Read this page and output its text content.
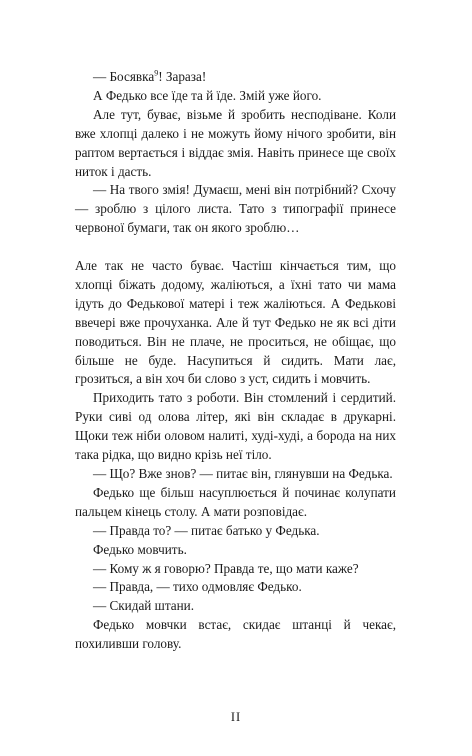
— Босявка$^9$! Зараза!

А Федько все їде та й їде. Змій уже його.

Але тут, буває, візьме й зробить несподіване. Коли вже хлопці далеко і не можуть йому нічого зробити, він раптом вертається і віддає змія. Навіть принесе ще своїх ниток і дасть.

— На твого змія! Думаєш, мені він потрібний? Схочу — зроблю з цілого листа. Тато з типографії принесе червоної бумаги, так он якого зроблю…

Але так не часто буває. Частіш кінчається тим, що хлопці біжать додому, жаліються, а їхні тато чи мама ідуть до Федькової матері і теж жаліються. А Федькові ввечері вже прочуханка. Але й тут Федько не як всі діти поводиться. Він не плаче, не проситься, не обіщає, що більше не буде. Насупиться й сидить. Мати лає, грозиться, а він хоч би слово з уст, сидить і мовчить.

Приходить тато з роботи. Він стомлений і сердитий. Руки сиві од олова літер, які він складає в друкарні. Щоки теж ніби оловом налиті, худі-худі, а борода на них така рідка, що видно крізь неї тіло.

— Що? Вже знов? — питає він, глянувши на Федька.

Федько ще більш насуплюється й починає колупати пальцем кінець столу. А мати розповідає.

— Правда то? — питає батько у Федька.

Федько мовчить.

— Кому ж я говорю? Правда те, що мати каже?

— Правда, — тихо одмовляє Федько.

— Скидай штани.

Федько мовчки встає, скидає штанці й чекає, похиливши голову.

II
